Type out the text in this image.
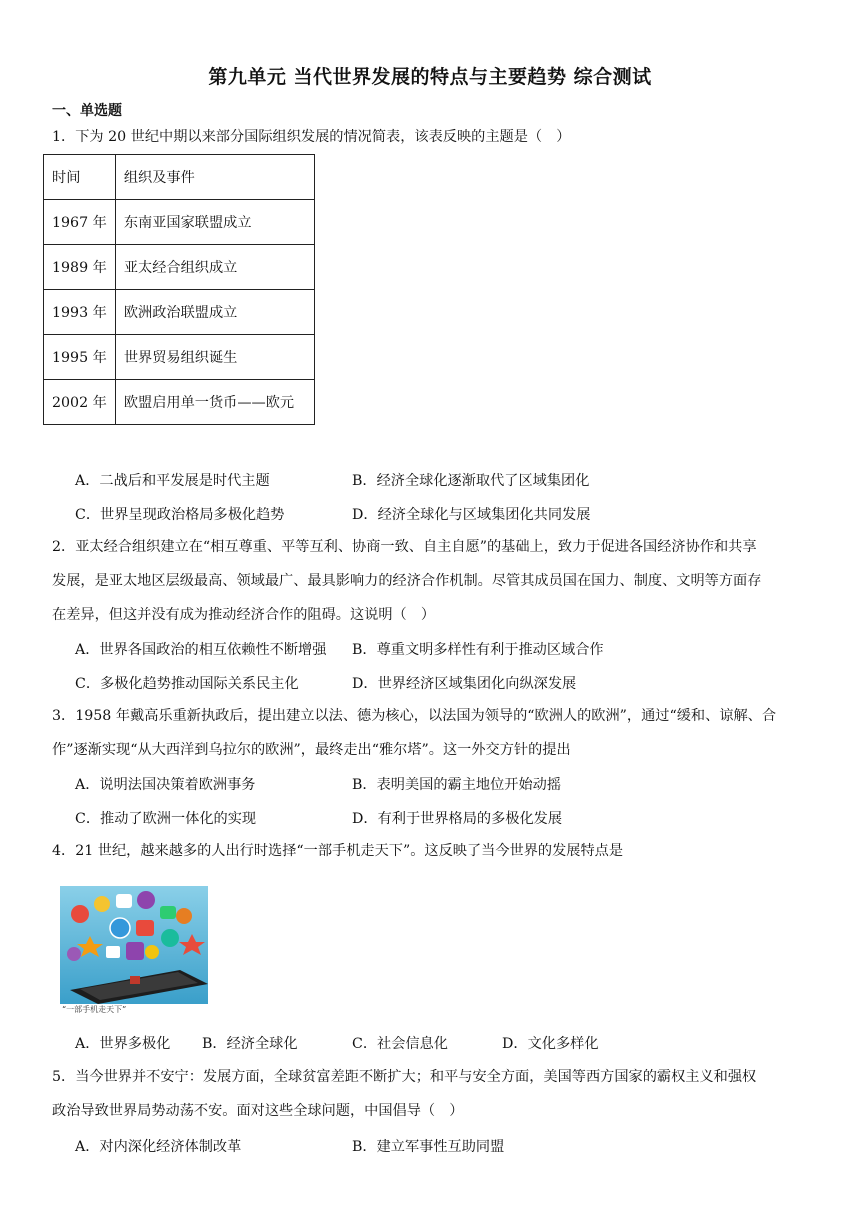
第九单元 当代世界发展的特点与主要趋势 综合测试
一、单选题
1．下为 20 世纪中期以来部分国际组织发展的情况简表，该表反映的主题是（　）
时间	组织及事件
1967 年	东南亚国家联盟成立
1989 年	亚太经合组织成立
1993 年	欧洲政治联盟成立
1995 年	世界贸易组织诞生
2002 年	欧盟启用单一货币——欧元
A．二战后和平发展是时代主题	B．经济全球化逐渐取代了区域集团化
C．世界呈现政治格局多极化趋势	D．经济全球化与区域集团化共同发展
2．亚太经合组织建立在“相互尊重、平等互利、协商一致、自主自愿”的基础上，致力于促进各国经济协作和共享
发展，是亚太地区层级最高、领域最广、最具影响力的经济合作机制。尽管其成员国在国力、制度、文明等方面存
在差异，但这并没有成为推动经济合作的阻碍。这说明（　）
A．世界各国政治的相互依赖性不断增强 B．尊重文明多样性有利于推动区域合作
C．多极化趋势推动国际关系民主化	D．世界经济区域集团化向纵深发展
3．1958 年戴高乐重新执政后，提出建立以法、德为核心，以法国为领导的“欧洲人的欧洲”，通过“缓和、谅解、合
作”逐渐实现“从大西洋到乌拉尔的欧洲”，最终走出“雅尔塔”。这一外交方针的提出
A．说明法国决策着欧洲事务	B．表明美国的霸主地位开始动摇
C．推动了欧洲一体化的实现	D．有利于世界格局的多极化发展
4．21 世纪，越来越多的人出行时选择“一部手机走天下”。这反映了当今世界的发展特点是
“一部手机走天下”
A．世界多极化 B．经济全球化	C．社会信息化	D．文化多样化
5．当今世界并不安宁：发展方面，全球贫富差距不断扩大；和平与安全方面，美国等西方国家的霸权主义和强权
政治导致世界局势动荡不安。面对这些全球问题，中国倡导（　）
A．对内深化经济体制改革	B．建立军事性互助同盟
